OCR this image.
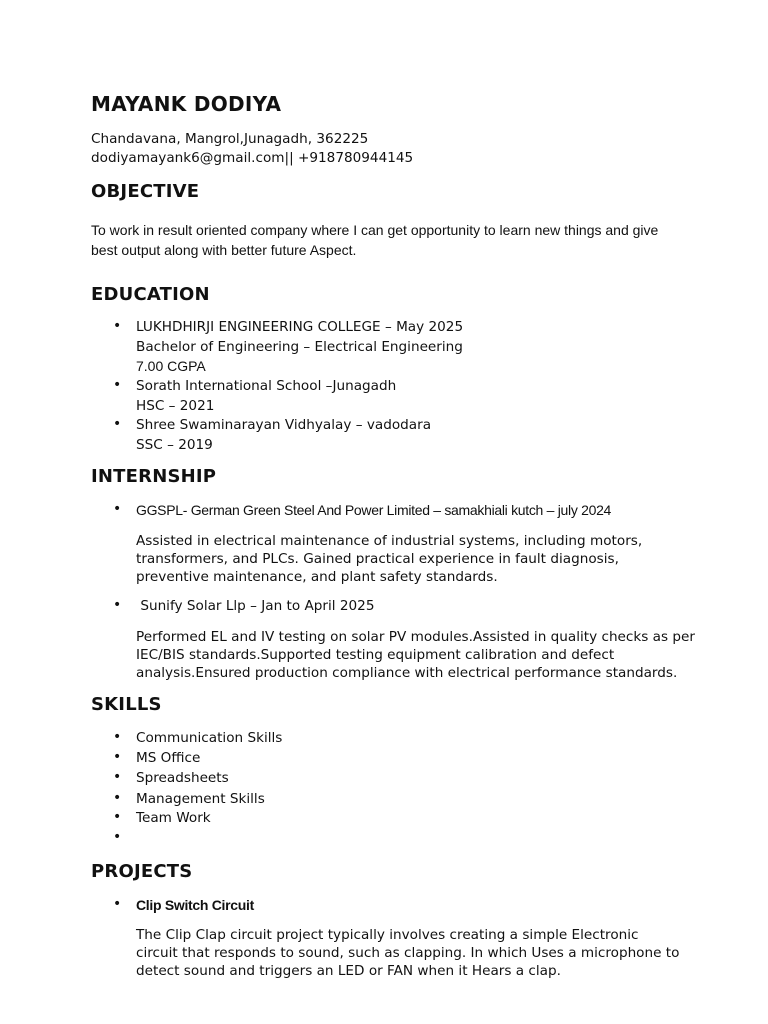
MAYANK DODIYA

Chandavana, Mangrol,Junagadh, 362225

dodiyamayank6@gmail.com|| +918780944145

OBJECTIVE

To work in result oriented company where I can get opportunity to learn new things and give

best output along with better future Aspect.

EDUCATION
• LUKHDHIRJI ENGINEERING COLLEGE – May 2025

Bachelor of Engineering – Electrical Engineering

7.00 CGPA

• Sorath International School –Junagadh

HSC – 2021

• Shree Swaminarayan Vidhyalay – vadodara

SSC – 2019

INTERNSHIP
• GGSPL- German Green Steel And Power Limited – samakhiali kutch – july 2024

Assisted in electrical maintenance of industrial systems, including motors,

transformers, and PLCs. Gained practical experience in fault diagnosis,

preventive maintenance, and plant safety standards.

• Sunify Solar Llp – Jan to April 2025

Performed EL and IV testing on solar PV modules.Assisted in quality checks as per

IEC/BIS standards.Supported testing equipment calibration and defect

analysis.Ensured production compliance with electrical performance standards.

SKILLS
• Communication Skills

• MS Office

• Spreadsheets

• Management Skills

• Team Work

•

PROJECTS
• Clip Switch Circuit

The Clip Clap circuit project typically involves creating a simple Electronic

circuit that responds to sound, such as clapping. In which Uses a microphone to

detect sound and triggers an LED or FAN when it Hears a clap.
